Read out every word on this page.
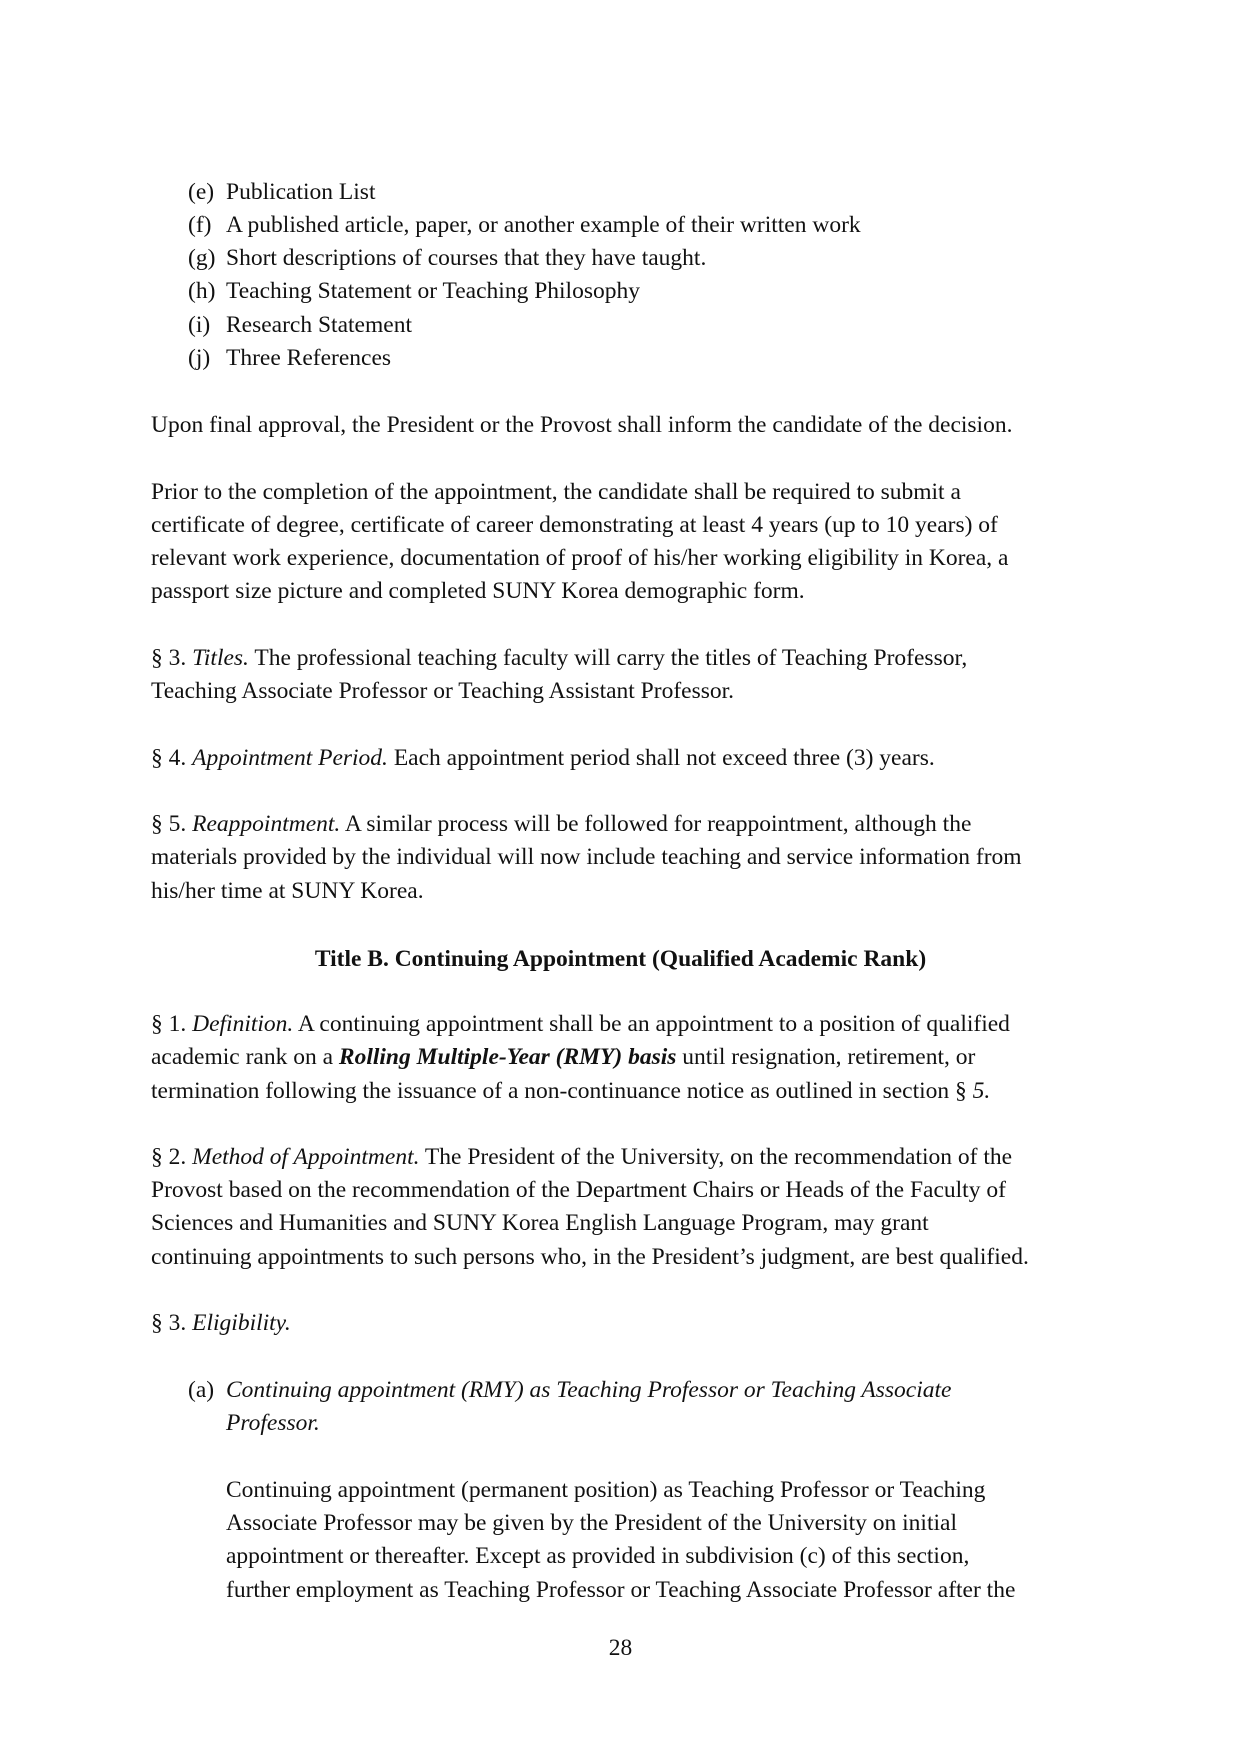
(e) Publication List
(f) A published article, paper, or another example of their written work
(g) Short descriptions of courses that they have taught.
(h) Teaching Statement or Teaching Philosophy
(i) Research Statement
(j) Three References
Upon final approval, the President or the Provost shall inform the candidate of the decision.
Prior to the completion of the appointment, the candidate shall be required to submit a
certificate of degree, certificate of career demonstrating at least 4 years (up to 10 years) of
relevant work experience, documentation of proof of his/her working eligibility in Korea, a
passport size picture and completed SUNY Korea demographic form.
§ 3. Titles. The professional teaching faculty will carry the titles of Teaching Professor,
Teaching Associate Professor or Teaching Assistant Professor.
§ 4. Appointment Period. Each appointment period shall not exceed three (3) years.
§ 5. Reappointment. A similar process will be followed for reappointment, although the
materials provided by the individual will now include teaching and service information from
his/her time at SUNY Korea.
Title B. Continuing Appointment (Qualified Academic Rank)
§ 1. Definition. A continuing appointment shall be an appointment to a position of qualified
academic rank on a Rolling Multiple-Year (RMY) basis until resignation, retirement, or
termination following the issuance of a non-continuance notice as outlined in section § 5.
§ 2. Method of Appointment. The President of the University, on the recommendation of the
Provost based on the recommendation of the Department Chairs or Heads of the Faculty of
Sciences and Humanities and SUNY Korea English Language Program, may grant
continuing appointments to such persons who, in the President’s judgment, are best qualified.
§ 3. Eligibility.
(a) Continuing appointment (RMY) as Teaching Professor or Teaching Associate
Professor.
Continuing appointment (permanent position) as Teaching Professor or Teaching
Associate Professor may be given by the President of the University on initial
appointment or thereafter. Except as provided in subdivision (c) of this section,
further employment as Teaching Professor or Teaching Associate Professor after the
28
